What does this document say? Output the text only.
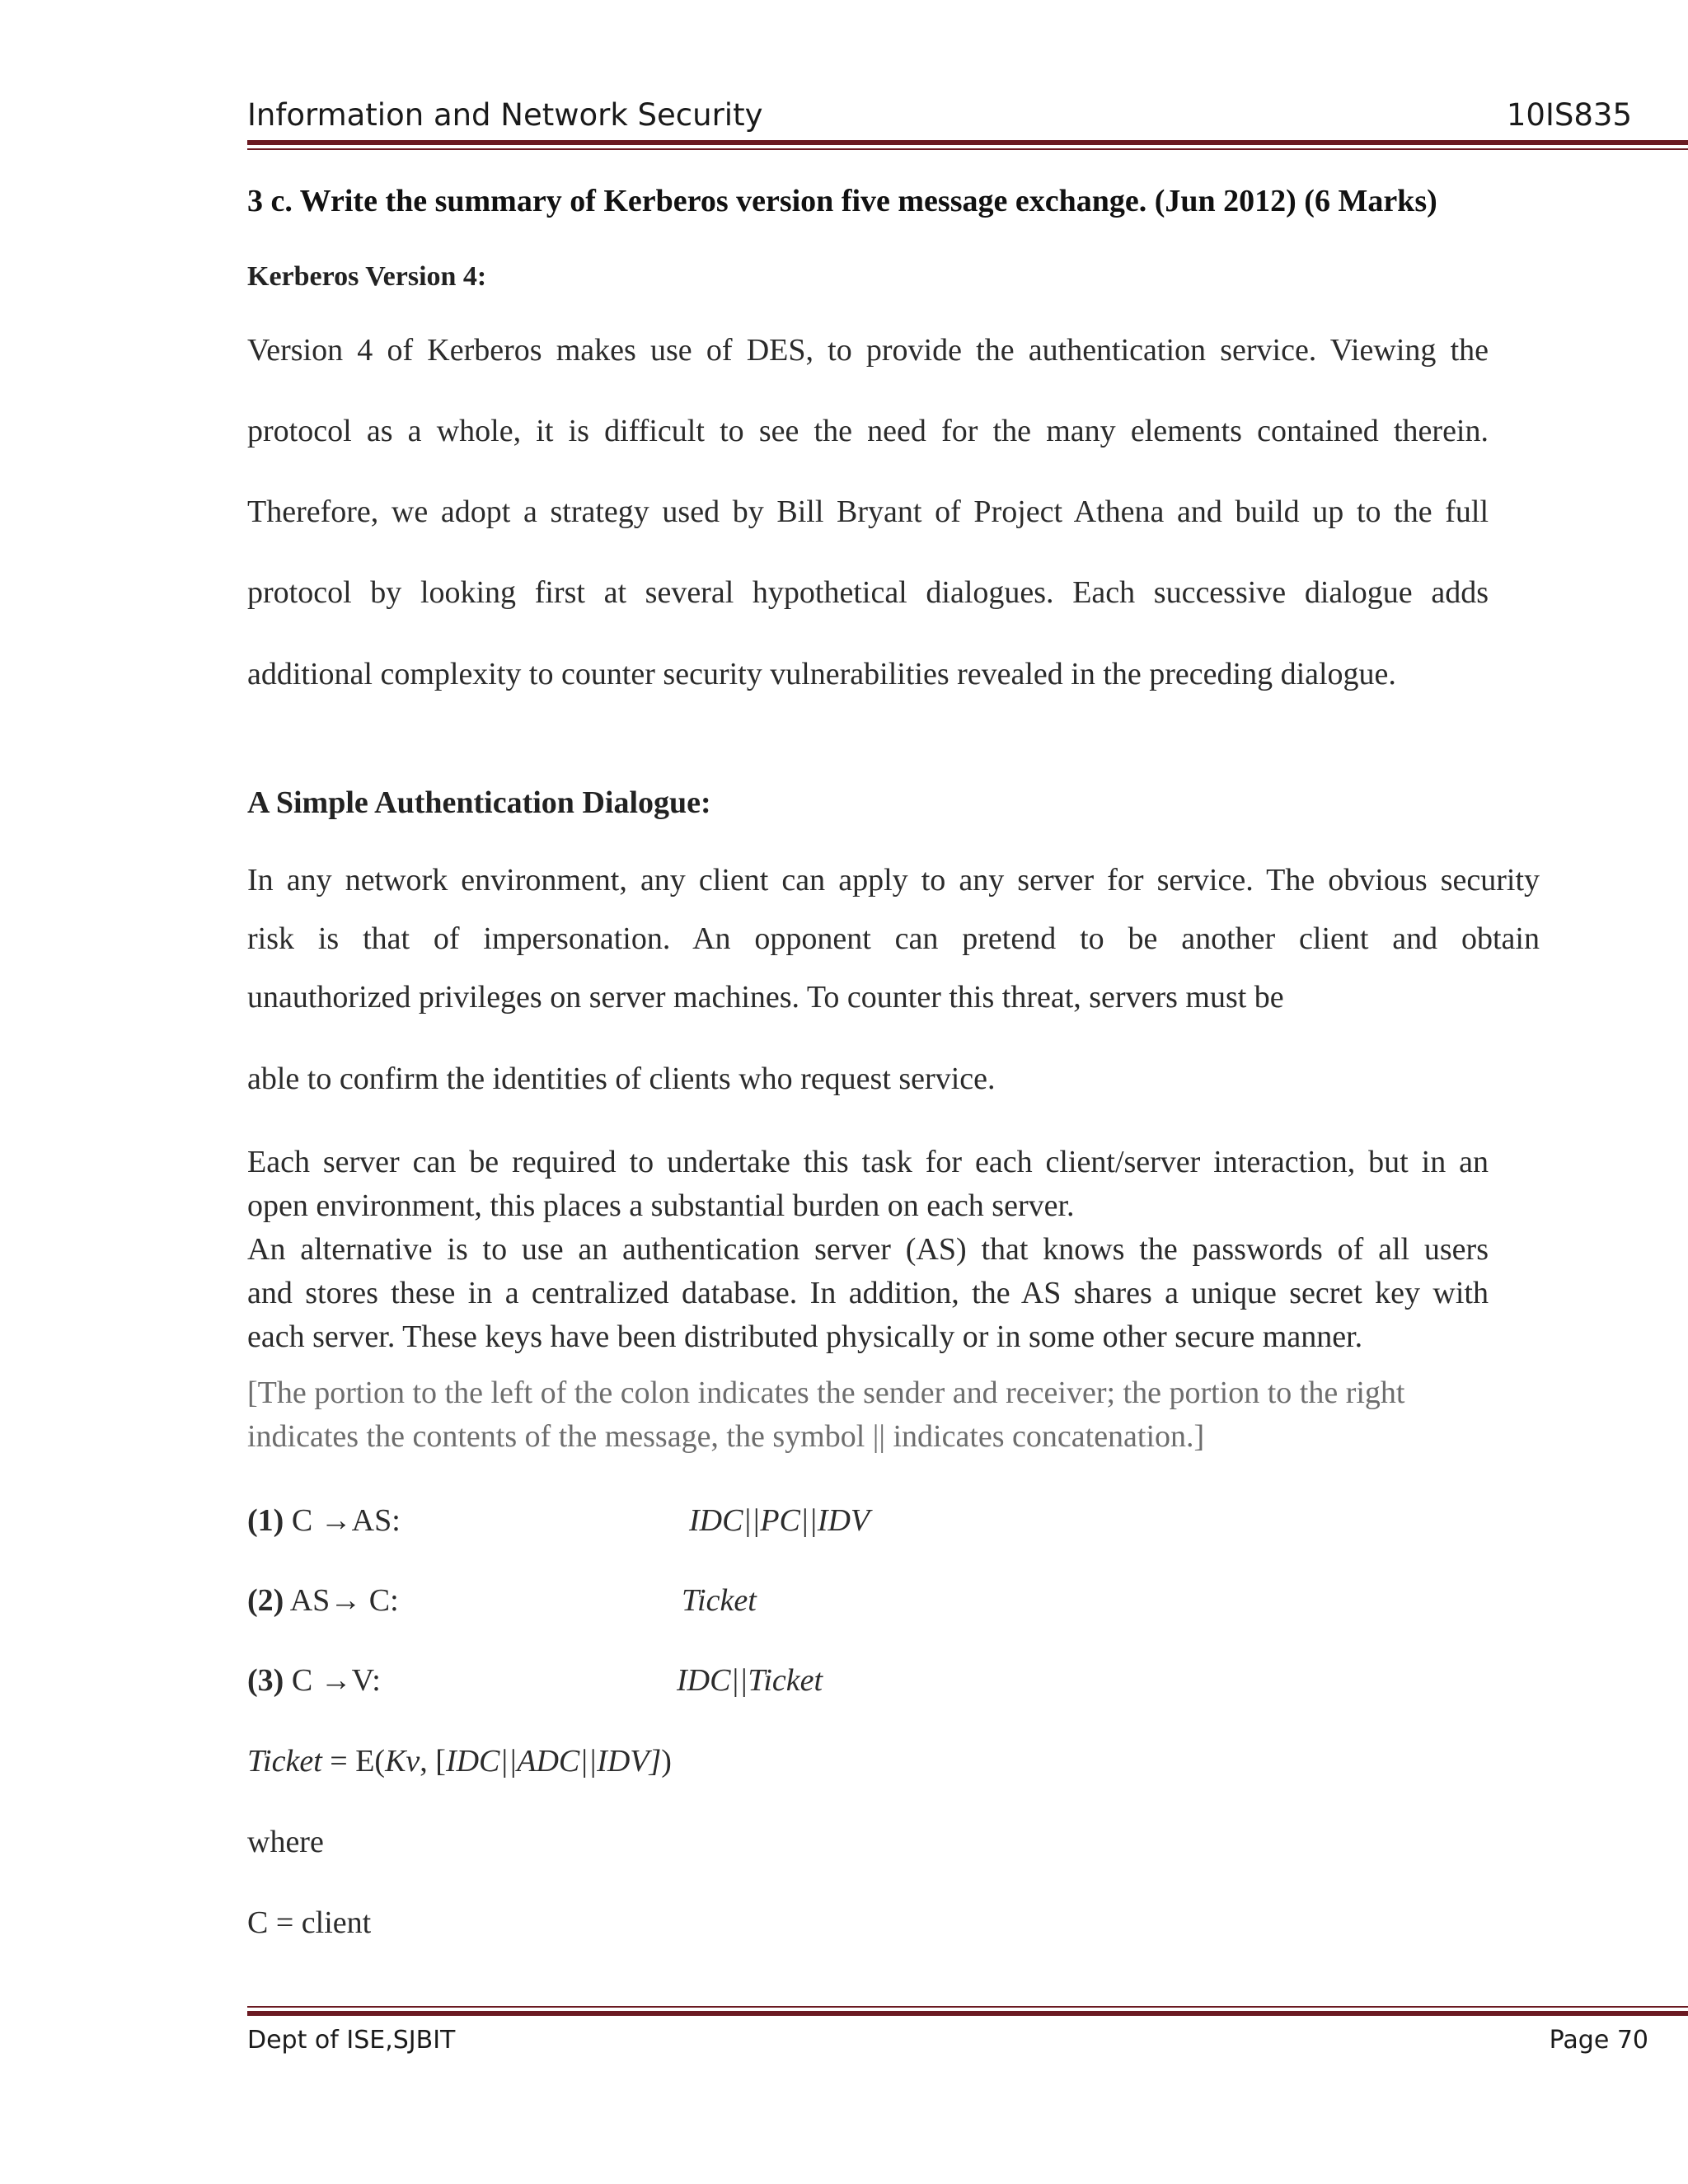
Information and Network Security	10IS835
3 c. Write the summary of Kerberos version five message exchange. (Jun 2012) (6 Marks)
Kerberos Version 4:
Version 4 of Kerberos makes use of DES, to provide the authentication service. Viewing the
protocol as a whole, it is difficult to see the need for the many elements contained therein.
Therefore, we adopt a strategy used by Bill Bryant of Project Athena and build up to the full
protocol by looking first at several hypothetical dialogues. Each successive dialogue adds
additional complexity to counter security vulnerabilities revealed in the preceding dialogue.
A Simple Authentication Dialogue:
In any network environment, any client can apply to any server for service. The obvious security
risk is that of impersonation. An opponent can pretend to be another client and obtain
unauthorized privileges on server machines. To counter this threat, servers must be
able to confirm the identities of clients who request service.
Each server can be required to undertake this task for each client/server interaction, but in an
open environment, this places a substantial burden on each server.
An alternative is to use an authentication server (AS) that knows the passwords of all users
and stores these in a centralized database. In addition, the AS shares a unique secret key with
each server. These keys have been distributed physically or in some other secure manner.
[The portion to the left of the colon indicates the sender and receiver; the portion to the right
indicates the contents of the message, the symbol || indicates concatenation.]
(1) C →AS:	IDC||PC||IDV
(2) AS→ C:	Ticket
(3) C →V:	IDC||Ticket
Ticket = E(Kv, [IDC||ADC||IDV])
where
C = client
Dept of ISE,SJBIT	Page 70
